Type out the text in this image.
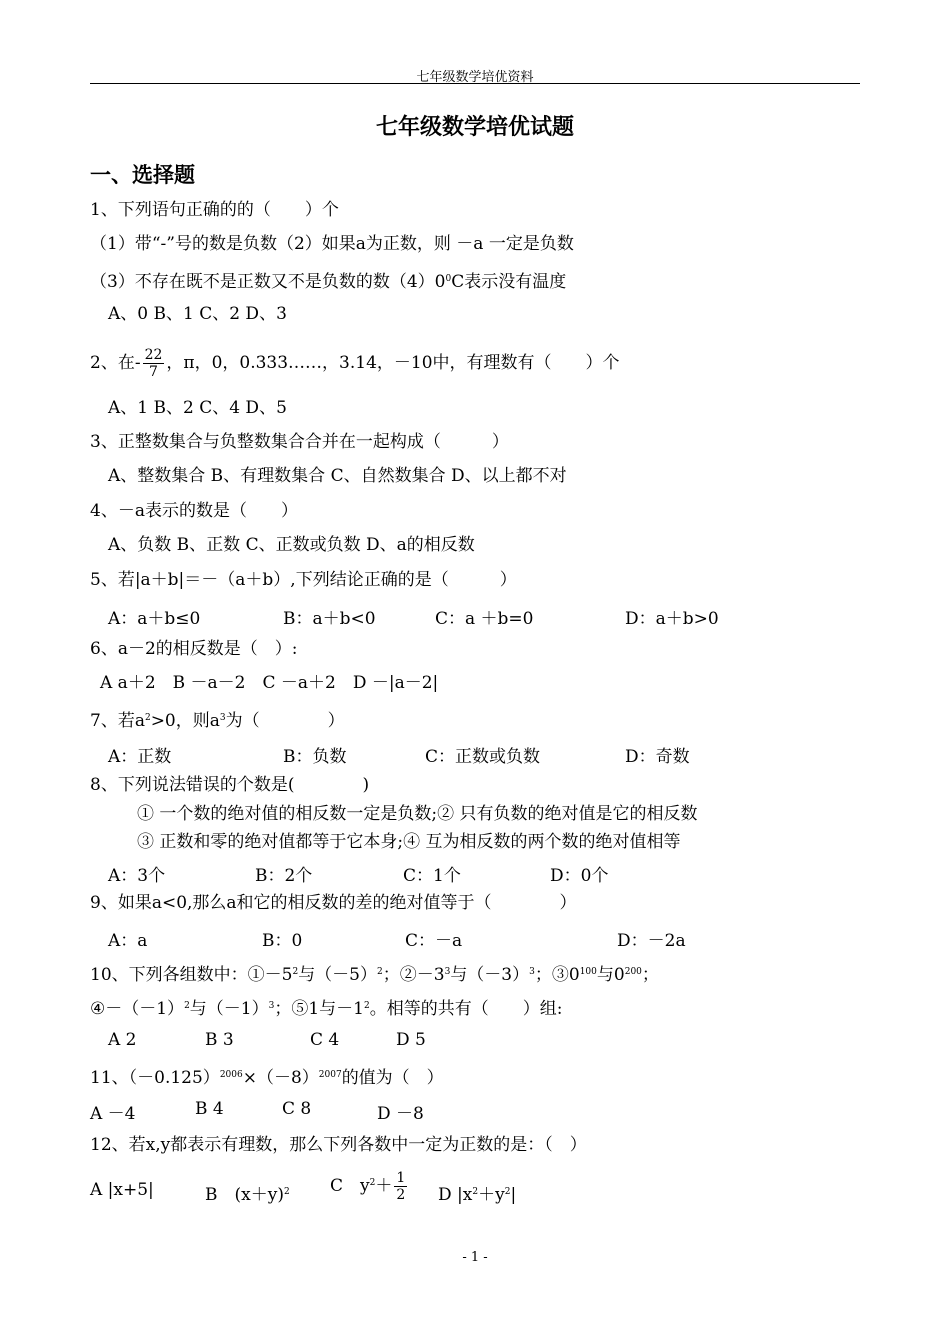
七年级数学培优资料
七年级数学培优试题
一、选择题
1、下列语句正确的的（　　）个
（1）带“-”号的数是负数（2）如果a为正数，则 －a 一定是负数
（3）不存在既不是正数又不是负数的数$(4)0^0C$表示没有温度
A、0 B、1 C、2 D、3
2、在- $\frac{22}{7}$ ，π，0，0.333……，3.14，－10中，有理数有（　　）个
A、1 B、2 C、4 D、5
3、正整数集合与负整数集合合并在一起构成（　　　）
A、整数集合 B、有理数集合 C、自然数集合 D、以上都不对
4、－a表示的数是（　　）
A、负数 B、正数 C、正数或负数 D、a的相反数
5、若|a＋b|＝－（a＋b）,下列结论正确的是（　　　）
A：a＋b≤0	B：a＋b<0	C：a ＋b=0	D：a＋b>0
6、a－2的相反数是（　）:
A a＋2　B －a－2　C －a＋2　D －|a－2|
7、若$a^2>0$，则$a^3$为（　　　　）
A：正数	B：负数	C：正数或负数	D：奇数
8、下列说法错误的个数是(　　　　)
① 一个数的绝对值的相反数一定是负数;② 只有负数的绝对值是它的相反数
③ 正数和零的绝对值都等于它本身;④ 互为相反数的两个数的绝对值相等
A：3个	B：2个	C：1个	D：0个
9、如果a<0,那么a和它的相反数的差的绝对值等于（　　　　）
A：a	B：0	C：－a	D：－2a
10、下列各组数中：$①-5^2$与$(-5)^2$；$②-3^3$与$(-3)^3$；$③0^{100}$与$0^{200}$；
$④-(-1)^2$与$(-1)^3$；⑤1与$-1^2$。相等的共有（　　）组:
A 2	B 3	C 4	D 5
11、$(-0.125)^{2006}\times(-8)^{2007}$的值为（　）
A －4	B 4	C 8	D －8
12、若x,y都表示有理数，那么下列各数中一定为正数的是：（　）
A |x+5|	B　$(x+y)^2$ C　$y^2+ \frac{1}{2}$ D $|x^2+y^2|$
- 1 -
